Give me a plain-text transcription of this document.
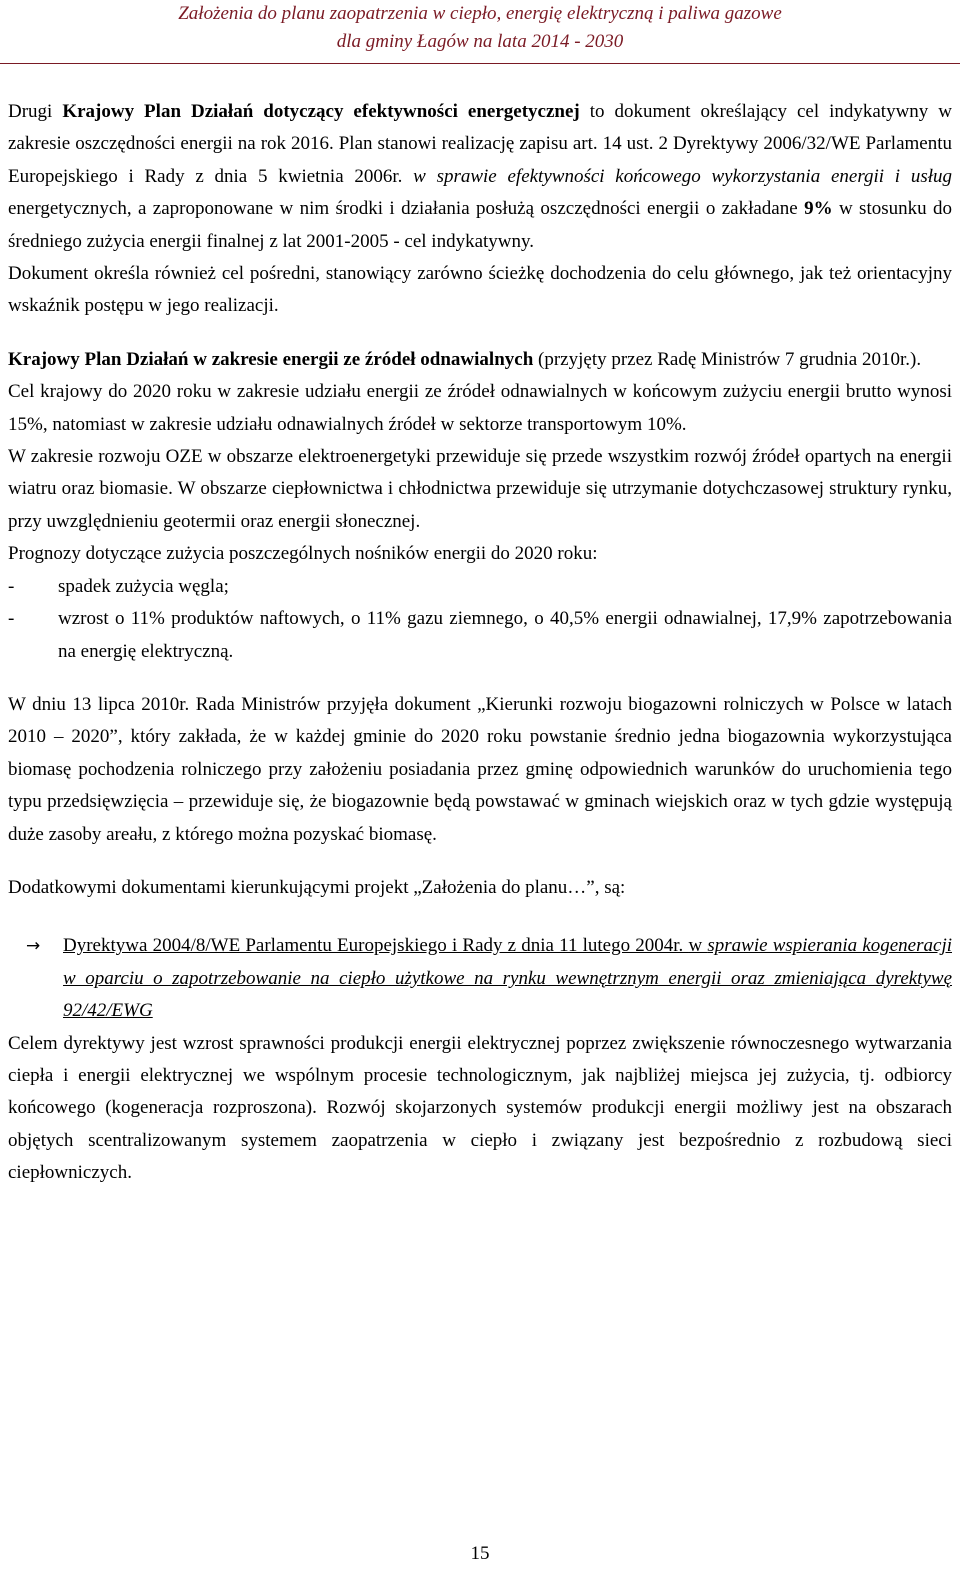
Założenia do planu zaopatrzenia w ciepło, energię elektryczną i paliwa gazowe
dla gminy Łagów na lata 2014 - 2030

Drugi Krajowy Plan Działań dotyczący efektywności energetycznej to dokument określający cel indykatywny w zakresie oszczędności energii na rok 2016. Plan stanowi realizację zapisu art. 14 ust. 2 Dyrektywy 2006/32/WE Parlamentu Europejskiego i Rady z dnia 5 kwietnia 2006r. w sprawie efektywności końcowego wykorzystania energii i usług energetycznych, a zaproponowane w nim środki i działania posłużą oszczędności energii o zakładane 9% w stosunku do średniego zużycia energii finalnej z lat 2001-2005 - cel indykatywny.

Dokument określa również cel pośredni, stanowiący zarówno ścieżkę dochodzenia do celu głównego, jak też orientacyjny wskaźnik postępu w jego realizacji.

Krajowy Plan Działań w zakresie energii ze źródeł odnawialnych (przyjęty przez Radę Ministrów 7 grudnia 2010r.).

Cel krajowy do 2020 roku w zakresie udziału energii ze źródeł odnawialnych w końcowym zużyciu energii brutto wynosi 15%, natomiast w zakresie udziału odnawialnych źródeł w sektorze transportowym 10%.

W zakresie rozwoju OZE w obszarze elektroenergetyki przewiduje się przede wszystkim rozwój źródeł opartych na energii wiatru oraz biomasie. W obszarze ciepłownictwa i chłodnictwa przewiduje się utrzymanie dotychczasowej struktury rynku, przy uwzględnieniu geotermii oraz energii słonecznej.

Prognozy dotyczące zużycia poszczególnych nośników energii do 2020 roku:

- spadek zużycia węgla;
- wzrost o 11% produktów naftowych, o 11% gazu ziemnego, o 40,5% energii odnawialnej, 17,9% zapotrzebowania na energię elektryczną.

W dniu 13 lipca 2010r. Rada Ministrów przyjęła dokument „Kierunki rozwoju biogazowni rolniczych w Polsce w latach 2010 – 2020”, który zakłada, że w każdej gminie do 2020 roku powstanie średnio jedna biogazownia wykorzystująca biomasę pochodzenia rolniczego przy założeniu posiadania przez gminę odpowiednich warunków do uruchomienia tego typu przedsięwzięcia – przewiduje się, że biogazownie będą powstawać w gminach wiejskich oraz w tych gdzie występują duże zasoby areału, z którego można pozyskać biomasę.

Dodatkowymi dokumentami kierunkującymi projekt „Założenia do planu…”, są:

→ Dyrektywa 2004/8/WE Parlamentu Europejskiego i Rady z dnia 11 lutego 2004r. w sprawie wspierania kogeneracji w oparciu o zapotrzebowanie na ciepło użytkowe na rynku wewnętrznym energii oraz zmieniająca dyrektywę 92/42/EWG

Celem dyrektywy jest wzrost sprawności produkcji energii elektrycznej poprzez zwiększenie równoczesnego wytwarzania ciepła i energii elektrycznej we wspólnym procesie technologicznym, jak najbliżej miejsca jej zużycia, tj. odbiorcy końcowego (kogeneracja rozproszona). Rozwój skojarzonych systemów produkcji energii możliwy jest na obszarach objętych scentralizowanym systemem zaopatrzenia w ciepło i związany jest bezpośrednio z rozbudową sieci ciepłowniczych.

15
